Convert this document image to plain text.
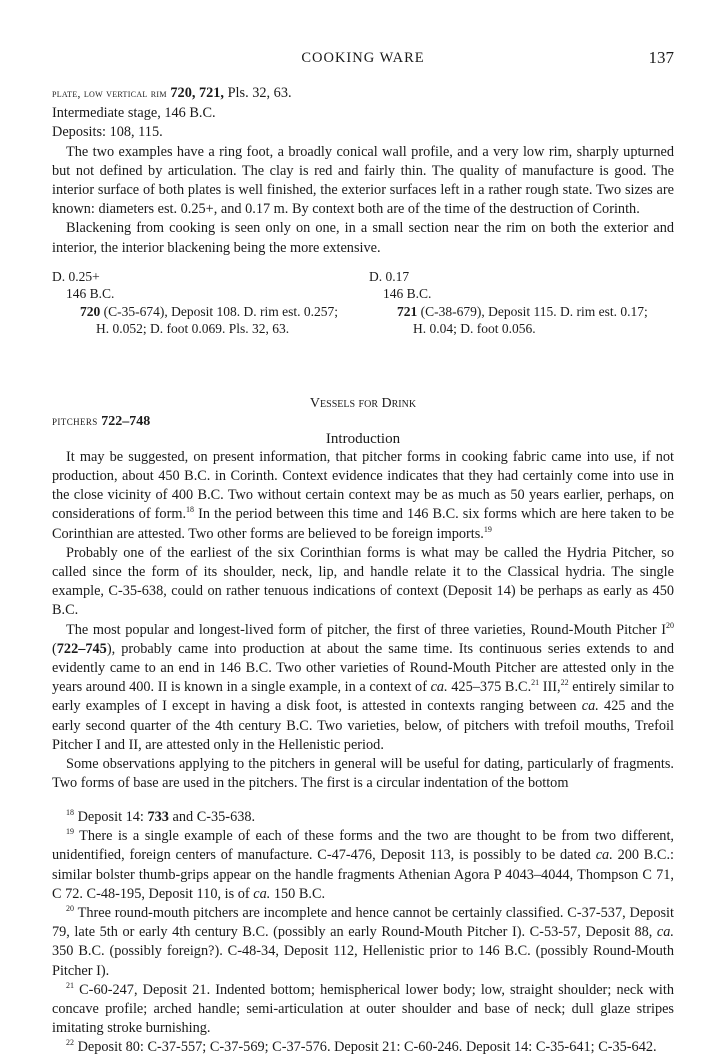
COOKING WARE	137

plate, low vertical rim 720, 721, Pls. 32, 63.

Intermediate stage, 146 B.C.

Deposits: 108, 115.

The two examples have a ring foot, a broadly conical wall profile, and a very low rim, sharply upturned but not defined by articulation. The clay is red and fairly thin. The quality of manufacture is good. The interior surface of both plates is well finished, the exterior surfaces left in a rather rough state. Two sizes are known: diameters est. 0.25+, and 0.17 m. By context both are of the time of the destruction of Corinth.

Blackening from cooking is seen only on one, in a small section near the rim on both the exterior and interior, the interior blackening being the more extensive.

D. 0.25+
146 B.C.
720 (C-35-674), Deposit 108. D. rim est. 0.257;
H. 0.052; D. foot 0.069. Pls. 32, 63.
D. 0.17
146 B.C.
721 (C-38-679), Deposit 115. D. rim est. 0.17;
H. 0.04; D. foot 0.056.
Vessels for Drink
pitchers 722–748
Introduction

It may be suggested, on present information, that pitcher forms in cooking fabric came into use, if not production, about 450 B.C. in Corinth. Context evidence indicates that they had certainly come into use in the close vicinity of 400 B.C. Two without certain context may be as much as 50 years earlier, perhaps, on considerations of form.$^{18}$ In the period between this time and 146 B.C. six forms which are here taken to be Corinthian are attested. Two other forms are believed to be foreign imports.$^{19}$

Probably one of the earliest of the six Corinthian forms is what may be called the Hydria Pitcher, so called since the form of its shoulder, neck, lip, and handle relate it to the Classical hydria. The single example, C-35-638, could on rather tenuous indications of context (Deposit 14) be perhaps as early as 450 B.C.

The most popular and longest-lived form of pitcher, the first of three varieties, Round-Mouth Pitcher $I^{20}$ (722–745), probably came into production at about the same time. Its continuous series extends to and evidently came to an end in 146 B.C. Two other varieties of Round-Mouth Pitcher are attested only in the years around 400. II is known in a single example, in a context of ca. 425–375 B.C.$^{21}$ III,$^{22}$ entirely similar to early examples of I except in having a disk foot, is attested in contexts ranging between ca. 425 and the early second quarter of the 4th century B.C. Two varieties, below, of pitchers with trefoil mouths, Trefoil Pitcher I and II, are attested only in the Hellenistic period.

Some observations applying to the pitchers in general will be useful for dating, particularly of fragments. Two forms of base are used in the pitchers. The first is a circular indentation of the bottom

$^{18}$ Deposit 14: 733 and C-35-638.

$^{19}$ There is a single example of each of these forms and the two are thought to be from two different, unidentified, foreign centers of manufacture. C-47-476, Deposit 113, is possibly to be dated ca. 200 B.C.: similar bolster thumb-grips appear on the handle fragments Athenian Agora P 4043–4044, Thompson C 71, C 72. C-48-195, Deposit 110, is of ca. 150 B.C.

$^{20}$ Three round-mouth pitchers are incomplete and hence cannot be certainly classified. C-37-537, Deposit 79, late 5th or early 4th century B.C. (possibly an early Round-Mouth Pitcher I). C-53-57, Deposit 88, ca. 350 B.C. (possibly foreign?). C-48-34, Deposit 112, Hellenistic prior to 146 B.C. (possibly Round-Mouth Pitcher I).

$^{21}$ C-60-247, Deposit 21. Indented bottom; hemispherical lower body; low, straight shoulder; neck with concave profile; arched handle; semi-articulation at outer shoulder and base of neck; dull glaze stripes imitating stroke burnishing.

$^{22}$ Deposit 80: C-37-557; C-37-569; C-37-576. Deposit 21: C-60-246. Deposit 14: C-35-641; C-35-642.
